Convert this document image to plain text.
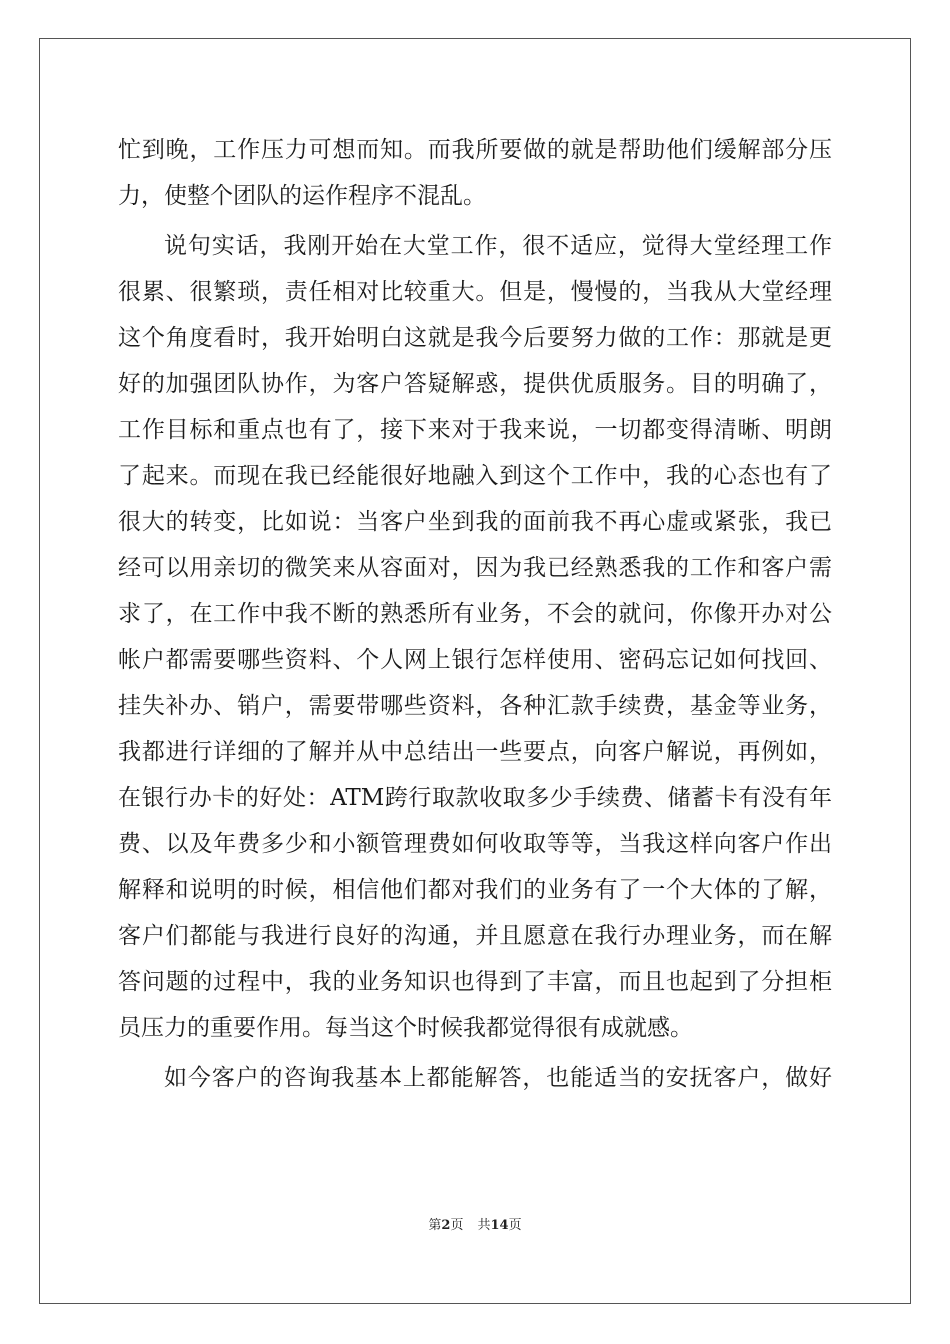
忙到晚，工作压力可想而知。而我所要做的就是帮助他们缓解部分压
力，使整个团队的运作程序不混乱。
说句实话，我刚开始在大堂工作，很不适应，觉得大堂经理工作
很累、很繁琐，责任相对比较重大。但是，慢慢的，当我从大堂经理
这个角度看时，我开始明白这就是我今后要努力做的工作：那就是更
好的加强团队协作，为客户答疑解惑，提供优质服务。目的明确了，
工作目标和重点也有了，接下来对于我来说，一切都变得清晰、明朗
了起来。而现在我已经能很好地融入到这个工作中，我的心态也有了
很大的转变，比如说：当客户坐到我的面前我不再心虚或紧张，我已
经可以用亲切的微笑来从容面对，因为我已经熟悉我的工作和客户需
求了，在工作中我不断的熟悉所有业务，不会的就问，你像开办对公
帐户都需要哪些资料、个人网上银行怎样使用、密码忘记如何找回、
挂失补办、销户，需要带哪些资料，各种汇款手续费，基金等业务，
我都进行详细的了解并从中总结出一些要点，向客户解说，再例如，
在银行办卡的好处：ATM跨行取款收取多少手续费、储蓄卡有没有年
费、以及年费多少和小额管理费如何收取等等，当我这样向客户作出
解释和说明的时候，相信他们都对我们的业务有了一个大体的了解，
客户们都能与我进行良好的沟通，并且愿意在我行办理业务，而在解
答问题的过程中，我的业务知识也得到了丰富，而且也起到了分担柜
员压力的重要作用。每当这个时候我都觉得很有成就感。
如今客户的咨询我基本上都能解答，也能适当的安抚客户，做好
第2页 共14页
